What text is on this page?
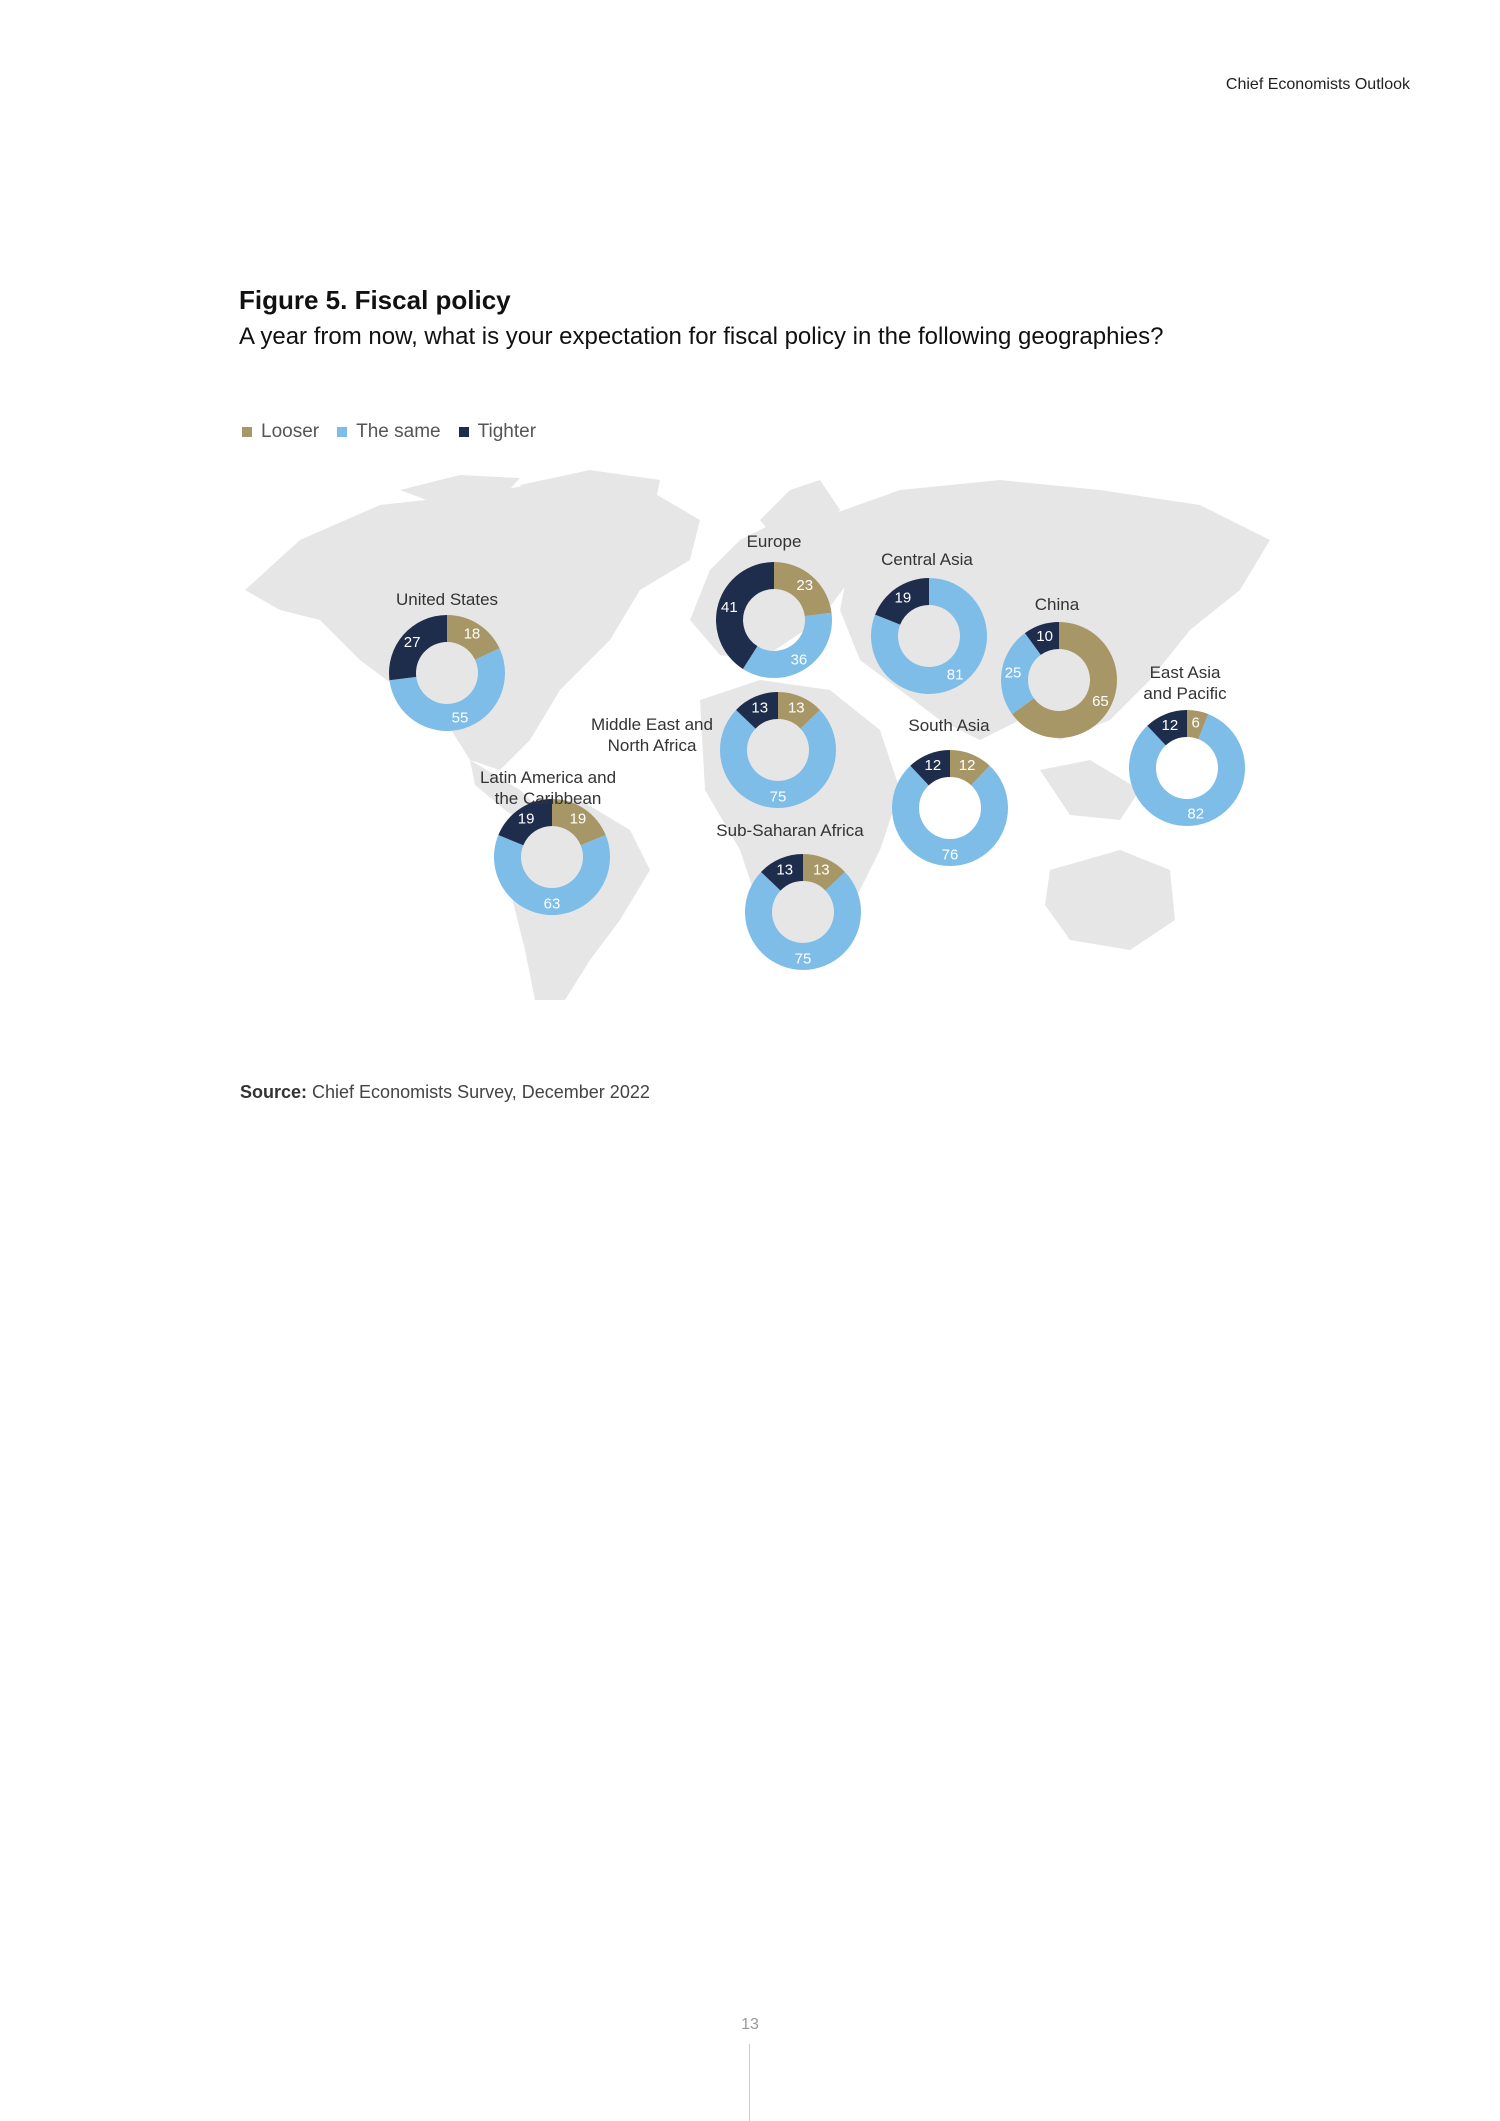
Chief Economists Outlook
Figure 5. Fiscal policy
A year from now, what is your expectation for fiscal policy in the following geographies?
Looser The same Tighter
18
55
27
United States
23
36
41
Europe
81
19
Central Asia
65
25
10
China
6
82
12
East Asia
and Pacific
13
75
13
Middle East and
North Africa
12
76
12
South Asia
19
63
19
Latin America and
the Caribbean
13
75
13
Sub-Saharan Africa
Source: Chief Economists Survey, December 2022
13
